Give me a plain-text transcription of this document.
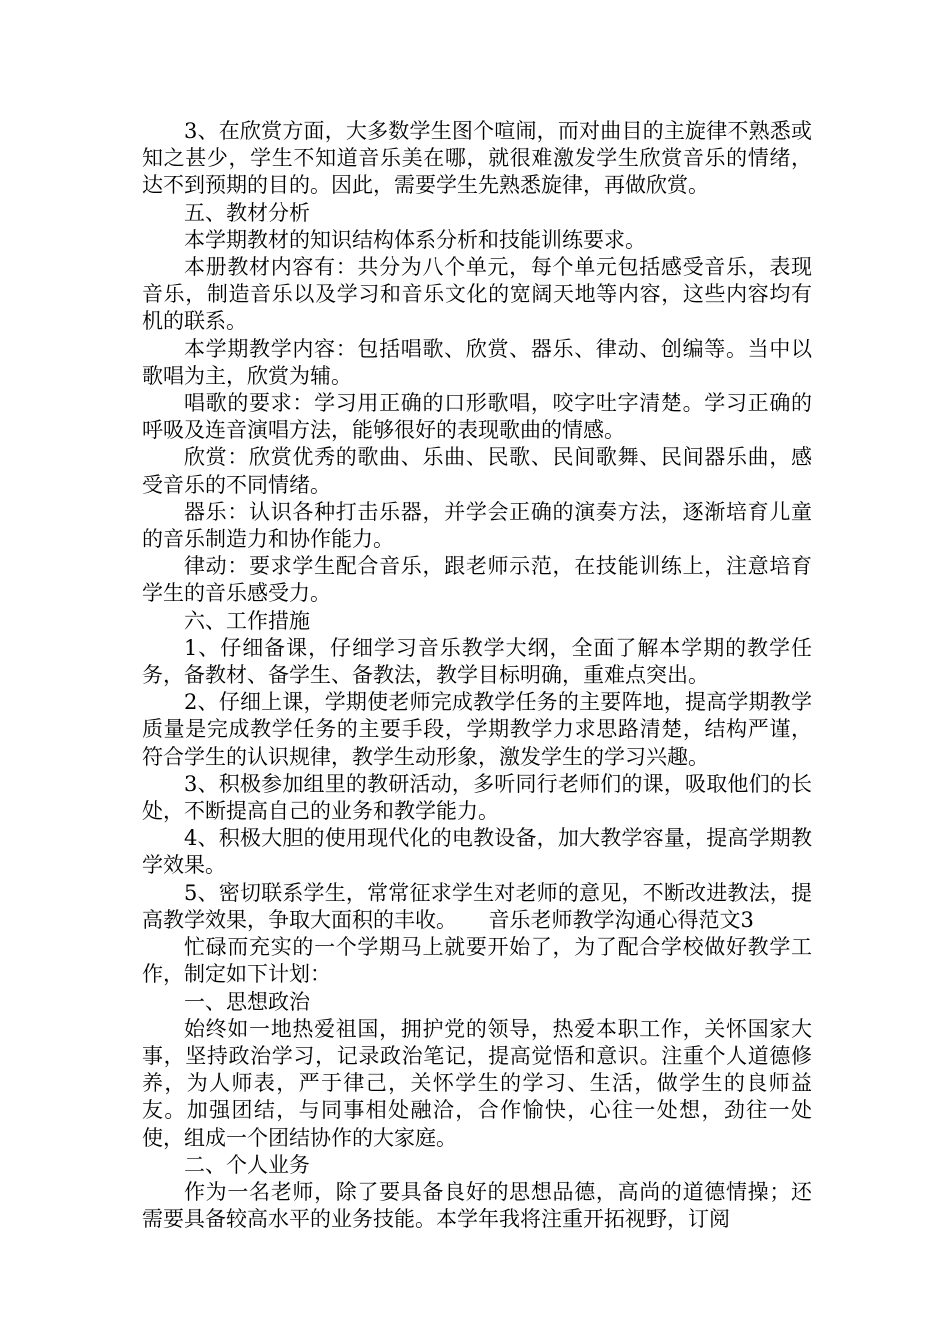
3、在欣赏方面，大多数学生图个喧闹，而对曲目的主旋律不熟悉或知之甚少，学生不知道音乐美在哪，就很难激发学生欣赏音乐的情绪，达不到预期的目的。因此，需要学生先熟悉旋律，再做欣赏。

五、教材分析

本学期教材的知识结构体系分析和技能训练要求。

本册教材内容有：共分为八个单元，每个单元包括感受音乐，表现音乐，制造音乐以及学习和音乐文化的宽阔天地等内容，这些内容均有机的联系。

本学期教学内容：包括唱歌、欣赏、器乐、律动、创编等。当中以歌唱为主，欣赏为辅。

唱歌的要求：学习用正确的口形歌唱，咬字吐字清楚。学习正确的呼吸及连音演唱方法，能够很好的表现歌曲的情感。

欣赏：欣赏优秀的歌曲、乐曲、民歌、民间歌舞、民间器乐曲，感受音乐的不同情绪。

器乐：认识各种打击乐器，并学会正确的演奏方法，逐渐培育儿童的音乐制造力和协作能力。

律动：要求学生配合音乐，跟老师示范，在技能训练上，注意培育学生的音乐感受力。

六、工作措施

1、仔细备课，仔细学习音乐教学大纲，全面了解本学期的教学任务，备教材、备学生、备教法，教学目标明确，重难点突出。

2、仔细上课，学期使老师完成教学任务的主要阵地，提高学期教学质量是完成教学任务的主要手段，学期教学力求思路清楚，结构严谨，符合学生的认识规律，教学生动形象，激发学生的学习兴趣。

3、积极参加组里的教研活动，多听同行老师们的课，吸取他们的长处，不断提高自己的业务和教学能力。

4、积极大胆的使用现代化的电教设备，加大教学容量，提高学期教学效果。

5、密切联系学生，常常征求学生对老师的意见，不断改进教法，提高教学效果，争取大面积的丰收。　　音乐老师教学沟通心得范文3

忙碌而充实的一个学期马上就要开始了，为了配合学校做好教学工作，制定如下计划：

一、思想政治

始终如一地热爱祖国，拥护党的领导，热爱本职工作，关怀国家大事，坚持政治学习，记录政治笔记，提高觉悟和意识。注重个人道德修养，为人师表，严于律己，关怀学生的学习、生活，做学生的良师益友。加强团结，与同事相处融洽，合作愉快，心往一处想，劲往一处使，组成一个团结协作的大家庭。

二、个人业务

作为一名老师，除了要具备良好的思想品德，高尚的道德情操；还需要具备较高水平的业务技能。本学年我将注重开拓视野，订阅
